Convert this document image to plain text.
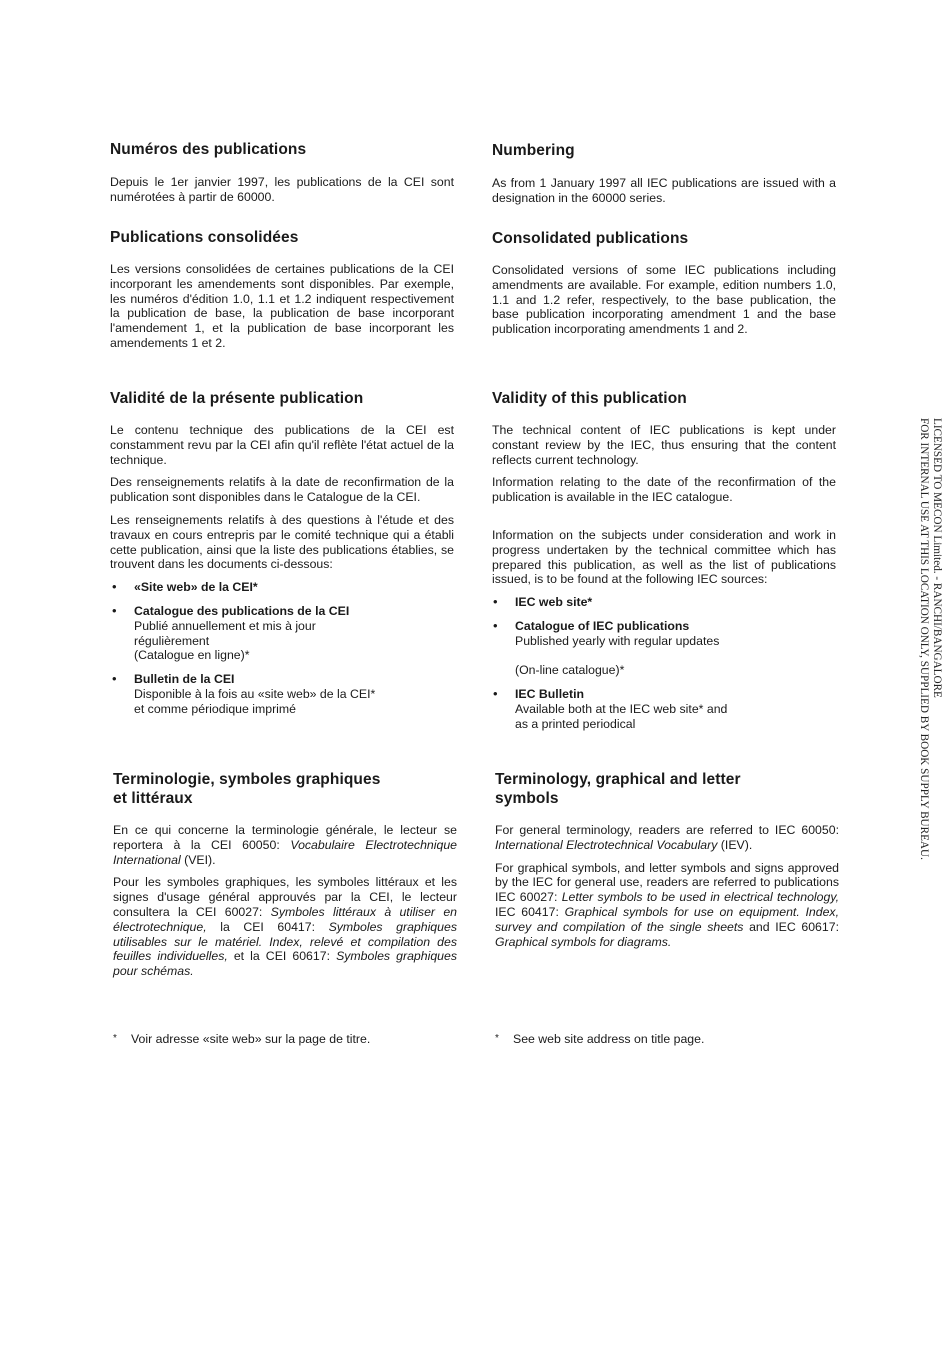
Numéros des publications

Depuis le 1er janvier 1997, les publications de la CEI sont numérotées à partir de 60000.

Publications consolidées

Les versions consolidées de certaines publications de la CEI incorporant les amendements sont disponibles. Par exemple, les numéros d'édition 1.0, 1.1 et 1.2 indiquent respectivement la publication de base, la publication de base incorporant l'amendement 1, et la publication de base incorporant les amendements 1 et 2.

Validité de la présente publication

Le contenu technique des publications de la CEI est constamment revu par la CEI afin qu'il reflète l'état actuel de la technique.

Des renseignements relatifs à la date de reconfirmation de la publication sont disponibles dans le Catalogue de la CEI.

Les renseignements relatifs à des questions à l'étude et des travaux en cours entrepris par le comité technique qui a établi cette publication, ainsi que la liste des publications établies, se trouvent dans les documents ci-dessous:

• «Site web» de la CEI*
• Catalogue des publications de la CEI
Publié annuellement et mis à jour
régulièrement
(Catalogue en ligne)*
• Bulletin de la CEI
Disponible à la fois au «site web» de la CEI*
et comme périodique imprimé
Terminologie, symboles graphiques
et littéraux

En ce qui concerne la terminologie générale, le lecteur se reportera à la CEI 60050: Vocabulaire Electrotechnique International (VEI).

Pour les symboles graphiques, les symboles littéraux et les signes d'usage général approuvés par la CEI, le lecteur consultera la CEI 60027: Symboles littéraux à utiliser en électrotechnique, la CEI 60417: Symboles graphiques utilisables sur le matériel. Index, relevé et compilation des feuilles individuelles, et la CEI 60617: Symboles graphiques pour schémas.

* Voir adresse «site web» sur la page de titre.
Numbering

As from 1 January 1997 all IEC publications are issued with a designation in the 60000 series.

Consolidated publications

Consolidated versions of some IEC publications including amendments are available. For example, edition numbers 1.0, 1.1 and 1.2 refer, respectively, to the base publication, the base publication incorporating amendment 1 and the base publication incorporating amendments 1 and 2.

Validity of this publication

The technical content of IEC publications is kept under constant review by the IEC, thus ensuring that the content reflects current technology.

Information relating to the date of the reconfirmation of the publication is available in the IEC catalogue.

Information on the subjects under consideration and work in progress undertaken by the technical committee which has prepared this publication, as well as the list of publications issued, is to be found at the following IEC sources:

• IEC web site*
• Catalogue of IEC publications
Published yearly with regular updates
(On-line catalogue)*
• IEC Bulletin
Available both at the IEC web site* and
as a printed periodical
Terminology, graphical and letter
symbols

For general terminology, readers are referred to IEC 60050: International Electrotechnical Vocabulary (IEV).

For graphical symbols, and letter symbols and signs approved by the IEC for general use, readers are referred to publications IEC 60027: Letter symbols to be used in electrical technology, IEC 60417: Graphical symbols for use on equipment. Index, survey and compilation of the single sheets and IEC 60617: Graphical symbols for diagrams.

* See web site address on title page.
LICENSED TO MECON Limited. - RANCHI/BANGALORE
FOR INTERNAL USE AT THIS LOCATION ONLY, SUPPLIED BY BOOK SUPPLY BUREAU.
